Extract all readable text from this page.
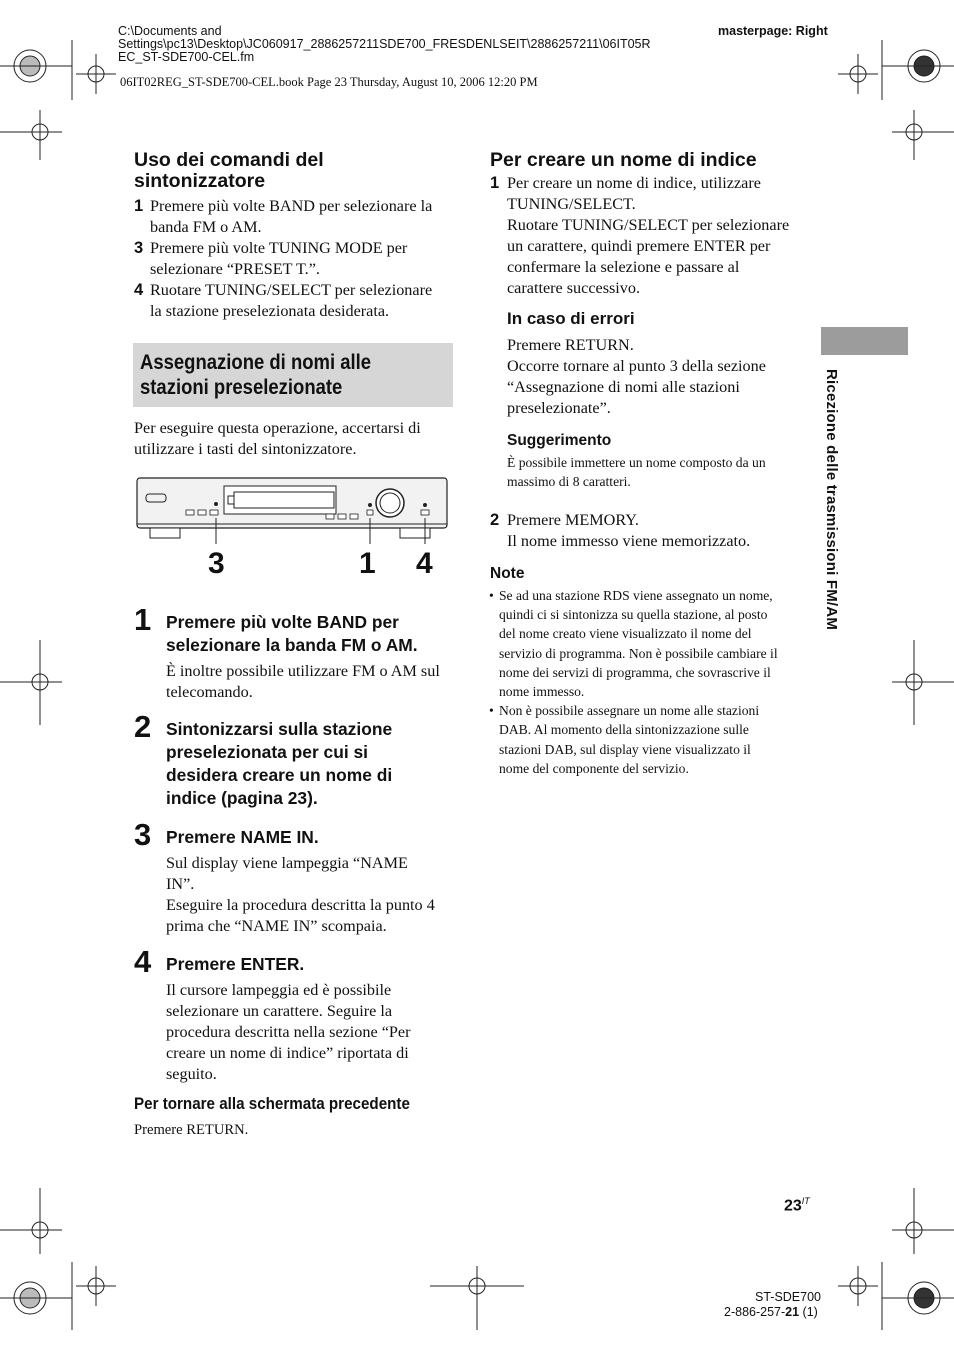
C:\Documents and
Settings\pc13\Desktop\JC060917_2886257211SDE700_FRESDENLSEIT\2886257211\06IT05R
EC_ST-SDE700-CEL.fm
masterpage: Right
06IT02REG_ST-SDE700-CEL.book Page 23 Thursday, August 10, 2006 12:20 PM
Uso dei comandi del
sintonizzatore
1 Premere più volte BAND per selezionare la
banda FM o AM.
3 Premere più volte TUNING MODE per
selezionare “PRESET T.”.
4 Ruotare TUNING/SELECT per selezionare
la stazione preselezionata desiderata.
Assegnazione di nomi alle
stazioni preselezionate
Per eseguire questa operazione, accertarsi di
utilizzare i tasti del sintonizzatore.
3	1 4
1 Premere più volte BAND per
selezionare la banda FM o AM.
È inoltre possibile utilizzare FM o AM sul
telecomando.
2 Sintonizzarsi sulla stazione
preselezionata per cui si
desidera creare un nome di
indice (pagina 23).
3 Premere NAME IN.
Sul display viene lampeggia “NAME
IN”.
Eseguire la procedura descritta la punto 4
prima che “NAME IN” scompaia.
4 Premere ENTER.
Il cursore lampeggia ed è possibile
selezionare un carattere. Seguire la
procedura descritta nella sezione “Per
creare un nome di indice” riportata di
seguito.
Per tornare alla schermata precedente
Premere RETURN.
Per creare un nome di indice
1 Per creare un nome di indice, utilizzare
TUNING/SELECT.
Ruotare TUNING/SELECT per selezionare
un carattere, quindi premere ENTER per
confermare la selezione e passare al
carattere successivo.
In caso di errori
Premere RETURN.
Occorre tornare al punto 3 della sezione
“Assegnazione di nomi alle stazioni
preselezionate”.
Suggerimento
È possibile immettere un nome composto da un
massimo di 8 caratteri.
2 Premere MEMORY.
Il nome immesso viene memorizzato.
Note
• Se ad una stazione RDS viene assegnato un nome,
quindi ci si sintonizza su quella stazione, al posto
del nome creato viene visualizzato il nome del
servizio di programma. Non è possibile cambiare il
nome dei servizi di programma, che sovrascrive il
nome immesso.
• Non è possibile assegnare un nome alle stazioni
DAB. Al momento della sintonizzazione sulle
stazioni DAB, sul display viene visualizzato il
nome del componente del servizio.
Ricezione delle trasmissioni FM/AM
$23^{IT}$
ST-SDE700
2-886-257-21 (1)
